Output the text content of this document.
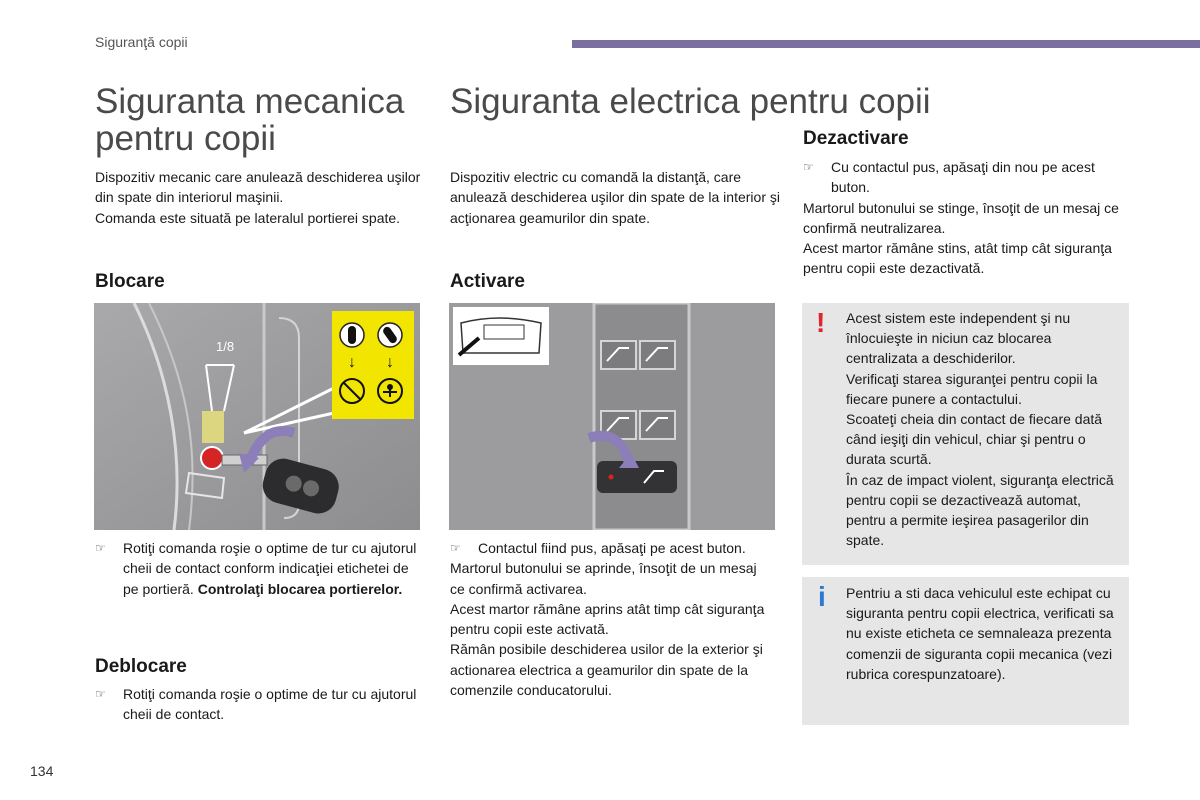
Siguranţă copii
Siguranta mecanica pentru copii

Dispozitiv mecanic care anulează deschiderea uşilor din spate din interiorul maşinii.

Comanda este situată pe lateralul portierei spate.

Blocare
↓ ↓
1/8
☞ Rotiţi comanda roşie o optime de tur cu ajutorul cheii de contact conform indicaţiei etichetei de pe portieră. Controlaţi blocarea portierelor.
Deblocare
☞ Rotiţi comanda roşie o optime de tur cu ajutorul cheii de contact.
Siguranta electrica pentru copii
Dispozitiv electric cu comandă la distanţă, care anulează deschiderea uşilor din spate de la interior şi acţionarea geamurilor din spate.
Activare
☞ Contactul fiind pus, apăsaţi pe acest buton.

Martorul butonului se aprinde, însoţit de un mesaj ce confirmă activarea.

Acest martor rămâne aprins atât timp cât siguranţa pentru copii este activată.

Rămân posibile deschiderea usilor de la exterior şi actionarea electrica a geamurilor din spate de la comenzile conducatorului.

Dezactivare
☞ Cu contactul pus, apăsaţi din nou pe acest buton.

Martorul butonului se stinge, însoţit de un mesaj ce confirmă neutralizarea.

Acest martor rămâne stins, atât timp cât siguranţa pentru copii este dezactivată.

! Acest sistem este independent şi nu înlocuieşte in niciun caz blocarea centralizata a deschiderilor.

Verificaţi starea siguranţei pentru copii la fiecare punere a contactului.

Scoateţi cheia din contact de fiecare dată când ieşiţi din vehicul, chiar şi pentru o durata scurtă.

În caz de impact violent, siguranţa electrică pentru copii se dezactivează automat, pentru a permite ieşirea pasagerilor din spate.

i Pentriu a sti daca vehiculul este echipat cu siguranta pentru copii electrica, verificati sa nu existe eticheta ce semnaleaza prezenta comenzii de siguranta copii mecanica (vezi rubrica corespunzatoare).
134
